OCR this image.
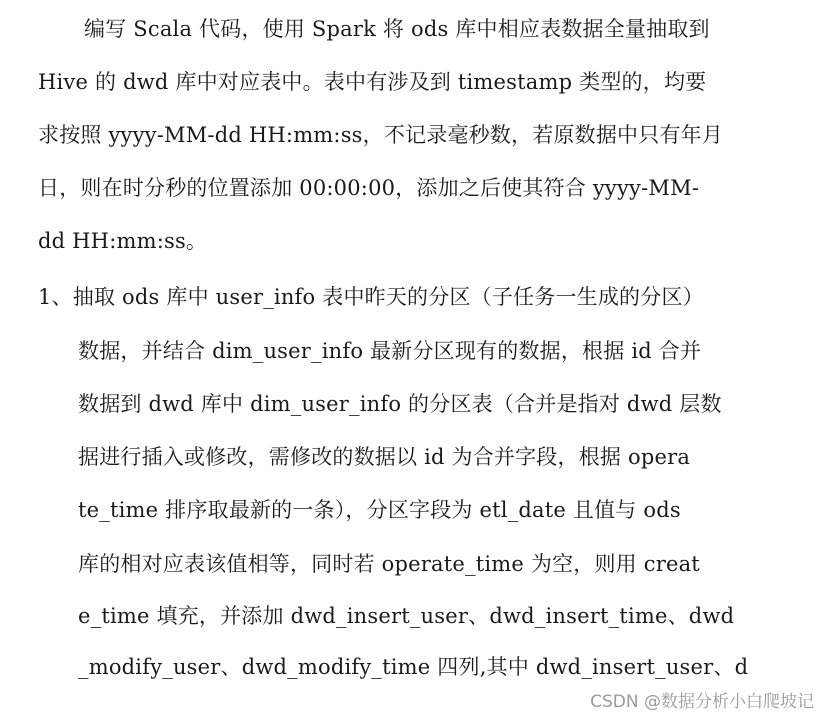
编写 Scala 代码，使用 Spark 将 ods 库中相应表数据全量抽取到
Hive 的 dwd 库中对应表中。表中有涉及到 timestamp 类型的，均要
求按照 yyyy-MM-dd HH:mm:ss，不记录毫秒数，若原数据中只有年月
日，则在时分秒的位置添加 00:00:00，添加之后使其符合 yyyy-MM-
dd HH:mm:ss。
1、抽取 ods 库中 user_info 表中昨天的分区（子任务一生成的分区）
数据，并结合 dim_user_info 最新分区现有的数据，根据 id 合并
数据到 dwd 库中 dim_user_info 的分区表（合并是指对 dwd 层数
据进行插入或修改，需修改的数据以 id 为合并字段，根据 opera
te_time 排序取最新的一条），分区字段为 etl_date 且值与 ods
库的相对应表该值相等，同时若 operate_time 为空，则用 creat
e_time 填充，并添加 dwd_insert_user、dwd_insert_time、dwd
_modify_user、dwd_modify_time 四列,其中 dwd_insert_user、d
CSDN @数据分析小白爬坡记
